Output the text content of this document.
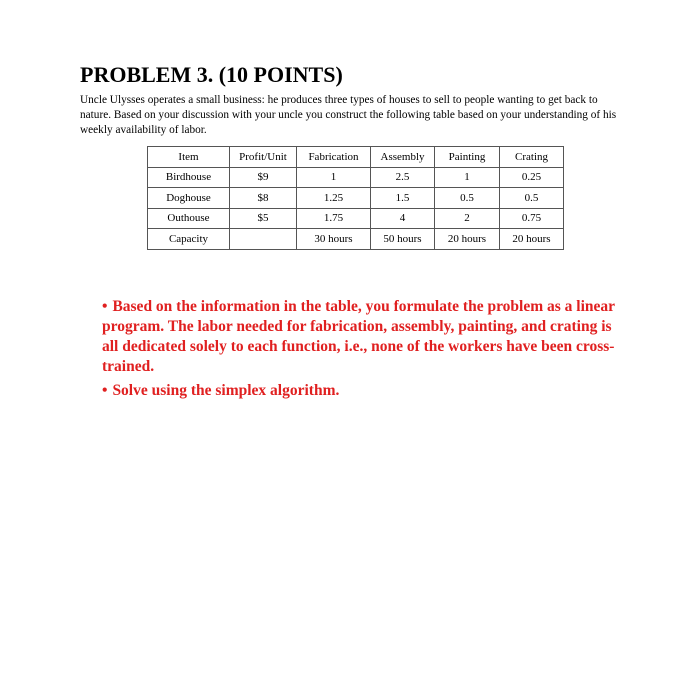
PROBLEM 3. (10 POINTS)

Uncle Ulysses operates a small business: he produces three types of houses to sell to people wanting to get back to nature. Based on your discussion with your uncle you construct the following table based on your understanding of his weekly availability of labor.

Item	Profit/Unit	Fabrication	Assembly	Painting	Crating
Birdhouse	$9	1	2.5	1	0.25
Doghouse	$8	1.25	1.5	0.5	0.5
Outhouse	$5	1.75	4	2	0.75
Capacity		30 hours	50 hours	20 hours	20 hours
• Based on the information in the table, you formulate the problem as a linear program. The labor needed for fabrication, assembly, painting, and crating is all dedicated solely to each function, i.e., none of the workers have been cross-trained.
• Solve using the simplex algorithm.
